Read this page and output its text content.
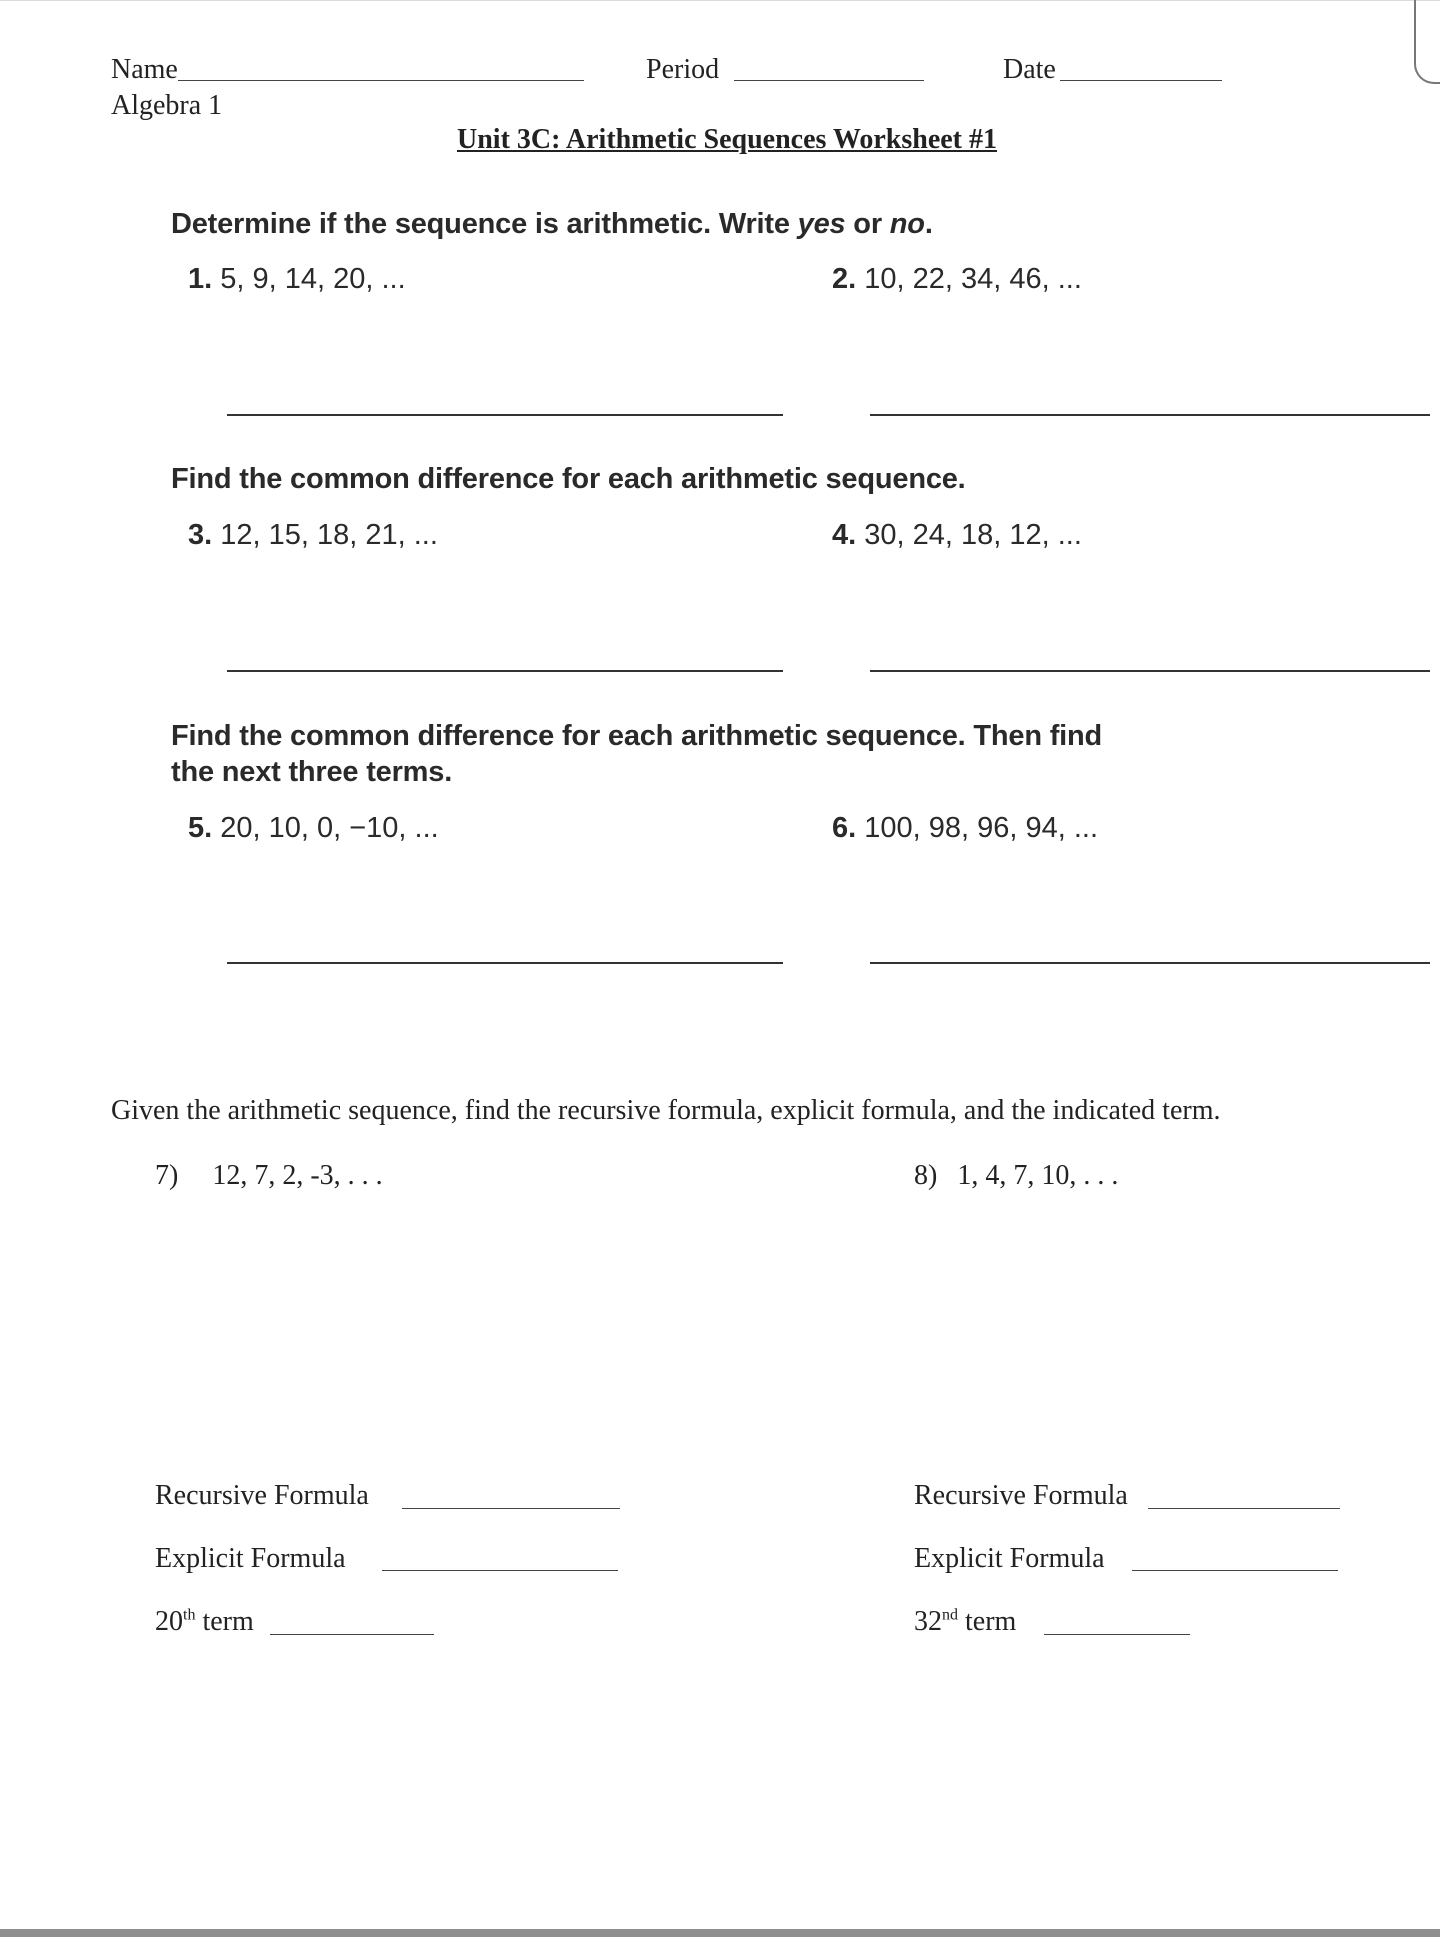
Name	Period	Date
Algebra 1
Unit 3C: Arithmetic Sequences Worksheet #1
Determine if the sequence is arithmetic. Write yes or no.
1. 5, 9, 14, 20, ...	2. 10, 22, 34, 46, ...
Find the common difference for each arithmetic sequence.
3. 12, 15, 18, 21, ...	4. 30, 24, 18, 12, ...
Find the common difference for each arithmetic sequence. Then find
the next three terms.
5. 20, 10, 0, −10, ...	6. 100, 98, 96, 94, ...
Given the arithmetic sequence, find the recursive formula, explicit formula, and the indicated term.
7) 12, 7, 2, -3, . . .	8) 1, 4, 7, 10, . . .
Recursive Formula
Explicit Formula
20th term
Recursive Formula
Explicit Formula
32nd term
